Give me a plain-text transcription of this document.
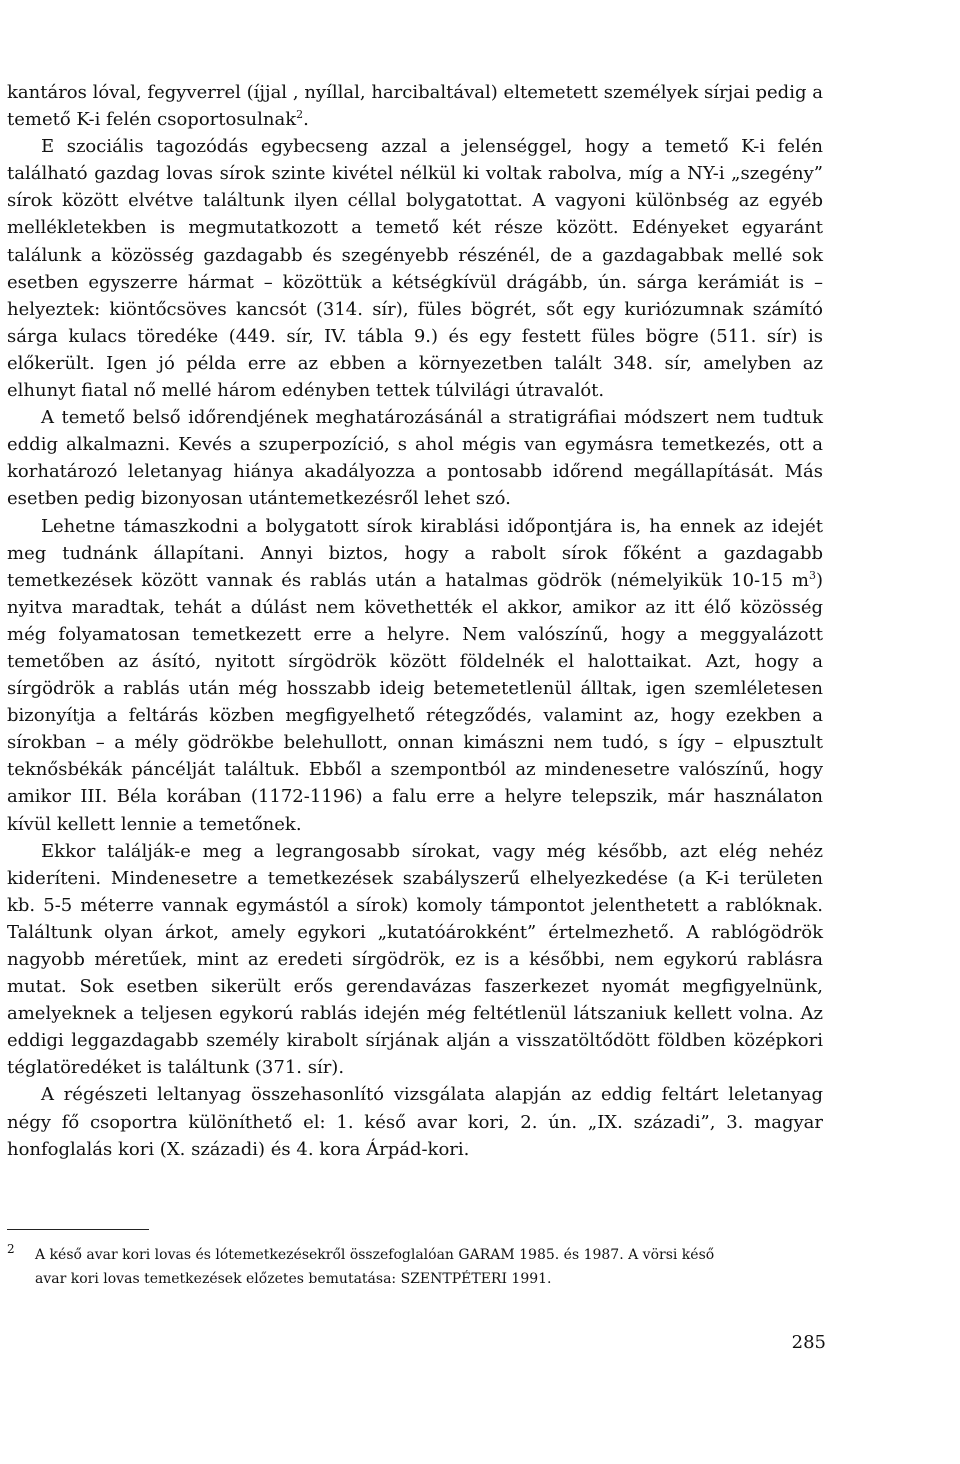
kantáros lóval, fegyverrel (íjjal , nyíllal, harcibaltával) eltemetett személyek sírjai pedig a temető K-i felén csoportosulnak$^2$.

E szociális tagozódás egybecseng azzal a jelenséggel, hogy a temető K-i felén található gazdag lovas sírok szinte kivétel nélkül ki voltak rabolva, míg a NY-i „szegény” sírok között elvétve találtunk ilyen céllal bolygatottat. A vagyoni különbség az egyéb mellékletekben is megmutatkozott a temető két része között. Edényeket egyaránt találunk a közösség gazdagabb és szegényebb részénél, de a gazdagabbak mellé sok esetben egyszerre hármat – közöttük a kétségkívül drágább, ún. sárga kerámiát is – helyeztek: kiöntőcsöves kancsót (314. sír), füles bögrét, sőt egy kuriózumnak számító sárga kulacs töredéke (449. sír, IV. tábla 9.) és egy festett füles bögre (511. sír) is előkerült. Igen jó példa erre az ebben a környezetben talált 348. sír, amelyben az elhunyt fiatal nő mellé három edényben tettek túlvilági útravalót.

A temető belső időrendjének meghatározásánál a stratigráfiai módszert nem tudtuk eddig alkalmazni. Kevés a szuperpozíció, s ahol mégis van egymásra temetkezés, ott a korhatározó leletanyag hiánya akadályozza a pontosabb időrend megállapítását. Más esetben pedig bizonyosan utántemetkezésről lehet szó.

Lehetne támaszkodni a bolygatott sírok kirablási időpontjára is, ha ennek az idejét meg tudnánk állapítani. Annyi biztos, hogy a rabolt sírok főként a gazdagabb temetkezések között vannak és rablás után a hatalmas gödrök (némelyikük 10-15 $m^3$) nyitva maradtak, tehát a dúlást nem követhették el akkor, amikor az itt élő közösség még folyamatosan temetkezett erre a helyre. Nem valószínű, hogy a meggyalázott temetőben az ásító, nyitott sírgödrök között földelnék el halottaikat. Azt, hogy a sírgödrök a rablás után még hosszabb ideig betemetetlenül álltak, igen szemléletesen bizonyítja a feltárás közben megfigyelhető rétegződés, valamint az, hogy ezekben a sírokban – a mély gödrökbe belehullott, onnan kimászni nem tudó, s így – elpusztult teknősbékák páncélját találtuk. Ebből a szempontból az mindenesetre valószínű, hogy amikor III. Béla korában (1172-1196) a falu erre a helyre telepszik, már használaton kívül kellett lennie a temetőnek.

Ekkor találják-e meg a legrangosabb sírokat, vagy még később, azt elég nehéz kideríteni. Mindenesetre a temetkezések szabályszerű elhelyezkedése (a K-i területen kb. 5-5 méterre vannak egymástól a sírok) komoly támpontot jelenthetett a rablóknak. Találtunk olyan árkot, amely egykori „kutatóárokként” értelmezhető. A rablógödrök nagyobb méretűek, mint az eredeti sírgödrök, ez is a későbbi, nem egykorú rablásra mutat. Sok esetben sikerült erős gerendavázas faszerkezet nyomát megfigyelnünk, amelyeknek a teljesen egykorú rablás idején még feltétlenül látszaniuk kellett volna. Az eddigi leggazdagabb személy kirabolt sírjának alján a visszatöltődött földben középkori téglatöredéket is találtunk (371. sír).

A régészeti leltanyag összehasonlító vizsgálata alapján az eddig feltárt leletanyag négy fő csoportra különíthető el: 1. késő avar kori, 2. ún. „IX. századi”, 3. magyar honfoglalás kori (X. századi) és 4. kora Árpád-kori.

2 A késő avar kori lovas és lótemetkezésekről összefoglalóan GARAM 1985. és 1987. A vörsi késő
avar kori lovas temetkezések előzetes bemutatása: SZENTPÉTERI 1991.
285
